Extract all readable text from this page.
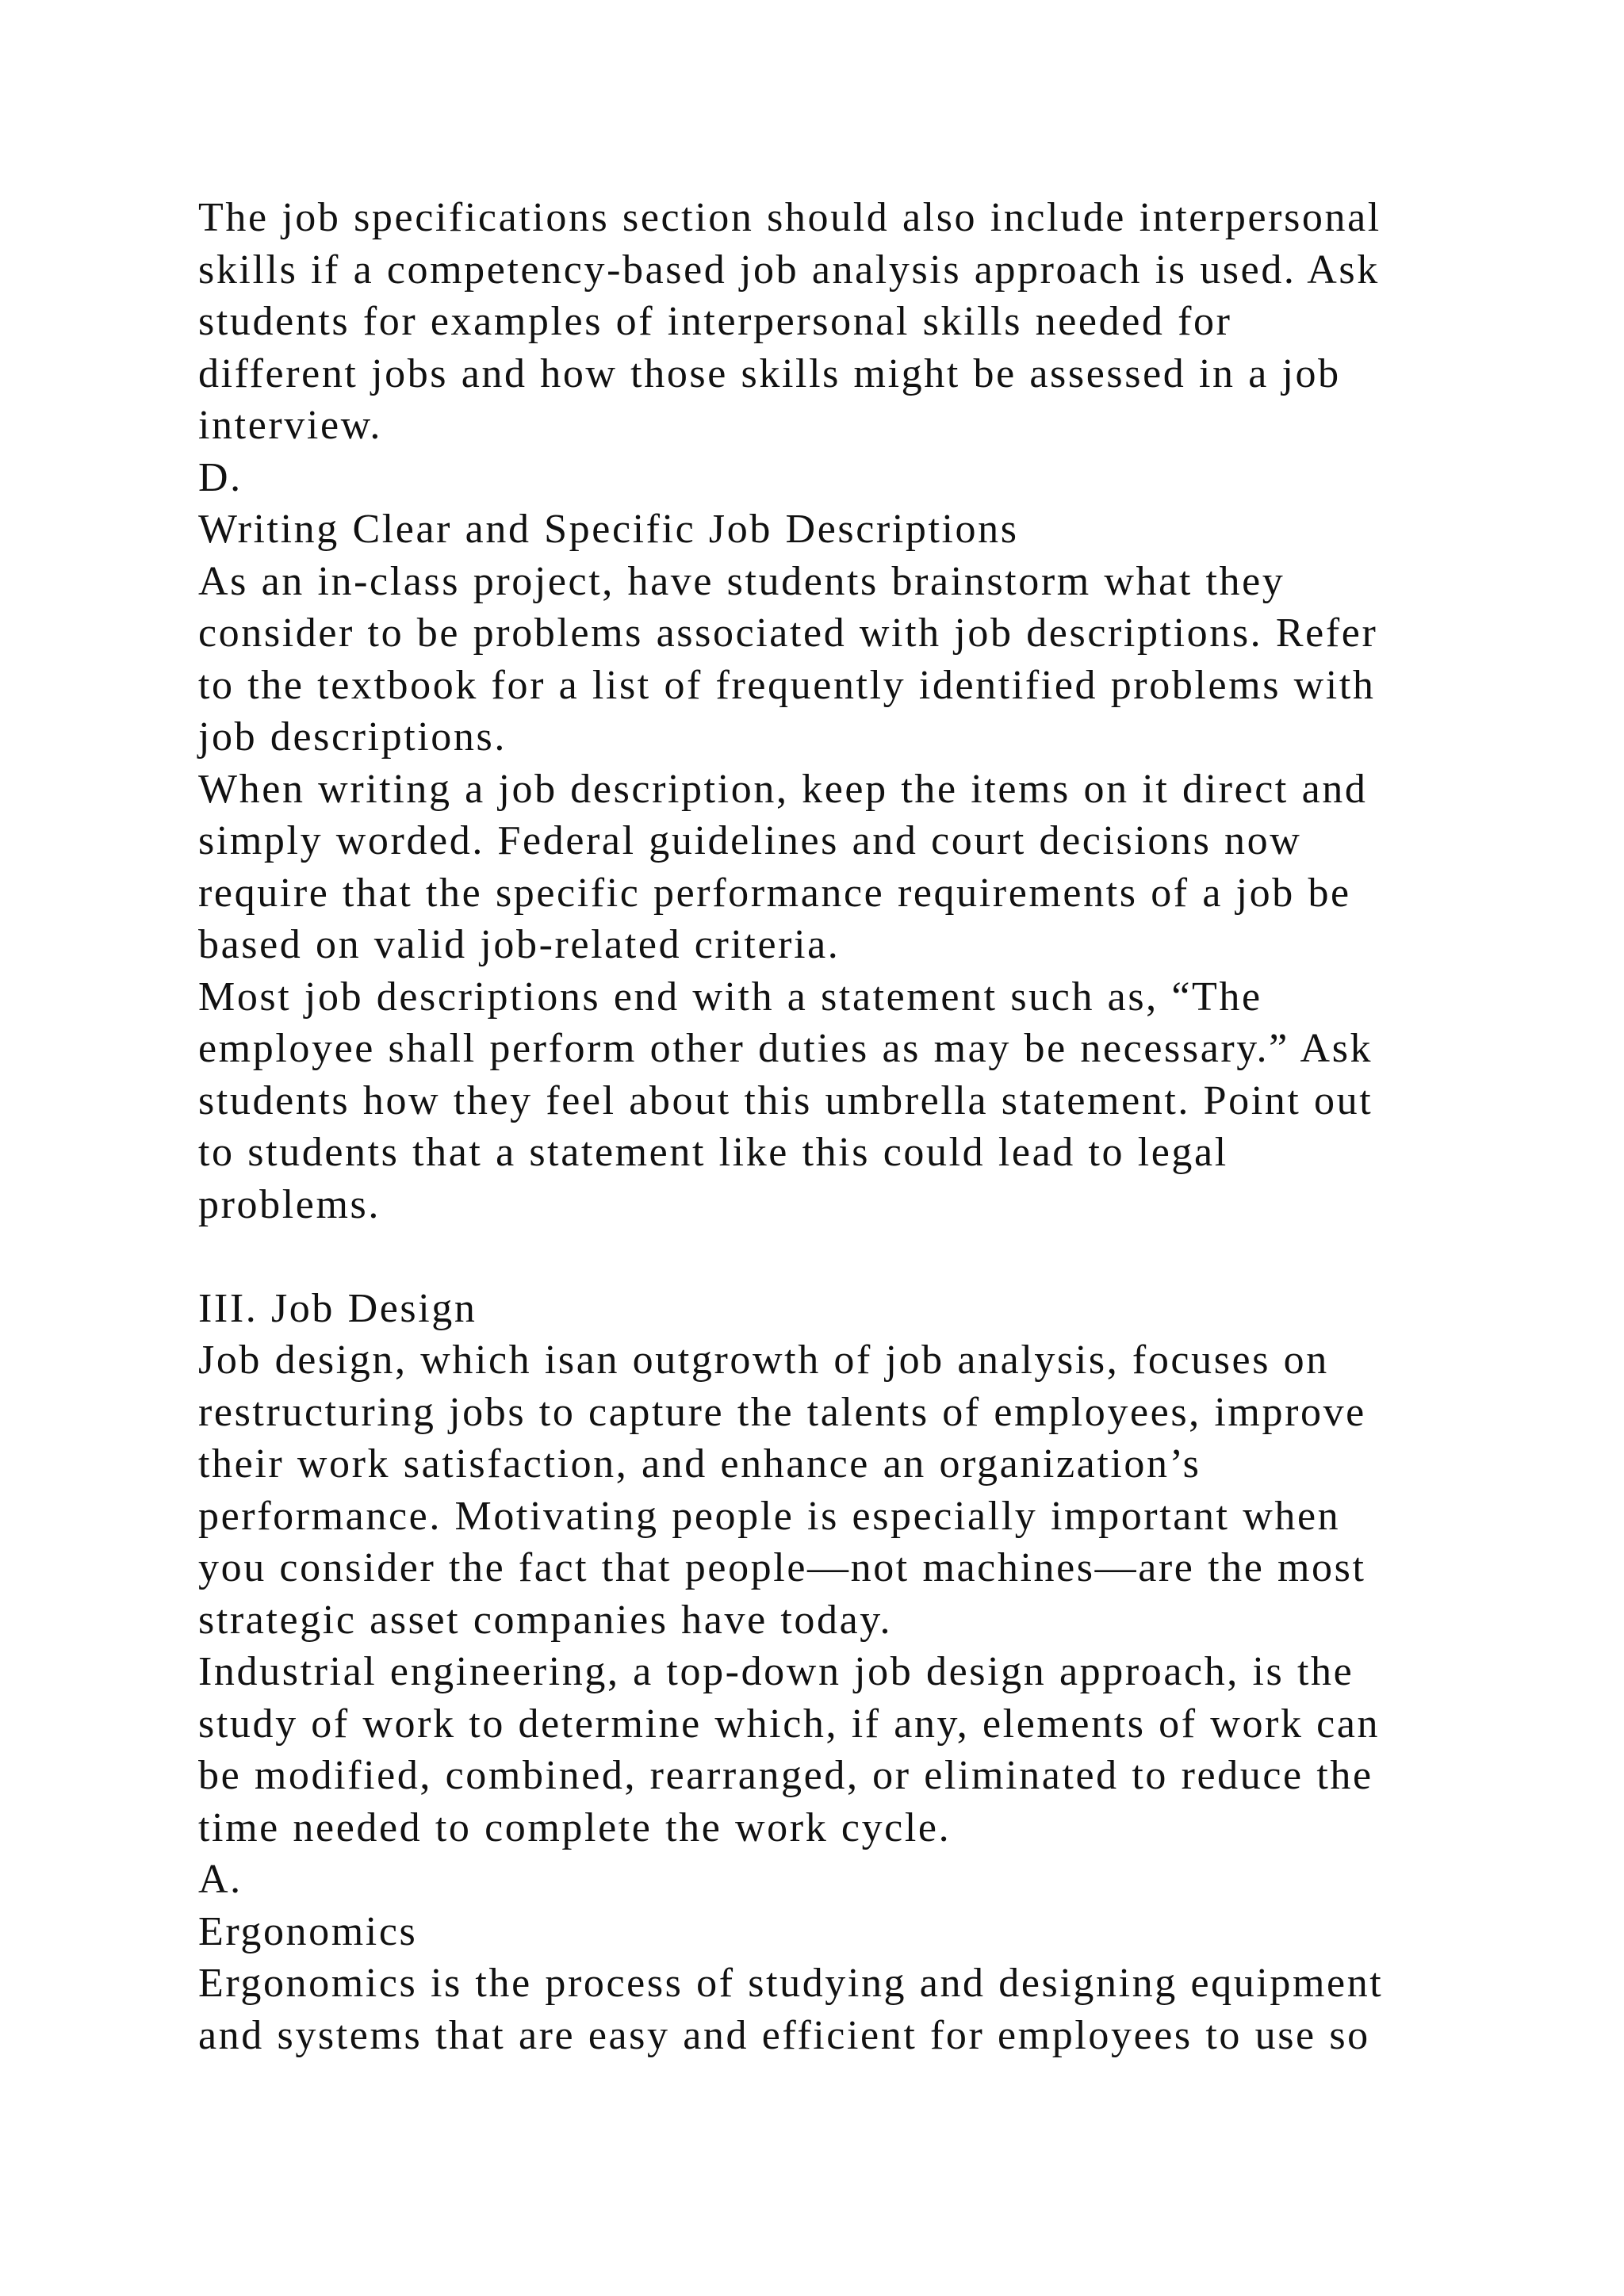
The job specifications section should also include interpersonal
skills if a competency-based job analysis approach is used. Ask
students for examples of interpersonal skills needed for
different jobs and how those skills might be assessed in a job
interview.
D.
Writing Clear and Specific Job Descriptions
As an in-class project, have students brainstorm what they
consider to be problems associated with job descriptions. Refer
to the textbook for a list of frequently identified problems with
job descriptions.
When writing a job description, keep the items on it direct and
simply worded. Federal guidelines and court decisions now
require that the specific performance requirements of a job be
based on valid job-related criteria.
Most job descriptions end with a statement such as, “The
employee shall perform other duties as may be necessary.” Ask
students how they feel about this umbrella statement. Point out
to students that a statement like this could lead to legal
problems.
III. Job Design
Job design, which isan outgrowth of job analysis, focuses on
restructuring jobs to capture the talents of employees, improve
their work satisfaction, and enhance an organization’s
performance. Motivating people is especially important when
you consider the fact that people—not machines—are the most
strategic asset companies have today.
Industrial engineering, a top-down job design approach, is the
study of work to determine which, if any, elements of work can
be modified, combined, rearranged, or eliminated to reduce the
time needed to complete the work cycle.
A.
Ergonomics
Ergonomics is the process of studying and designing equipment
and systems that are easy and efficient for employees to use so
